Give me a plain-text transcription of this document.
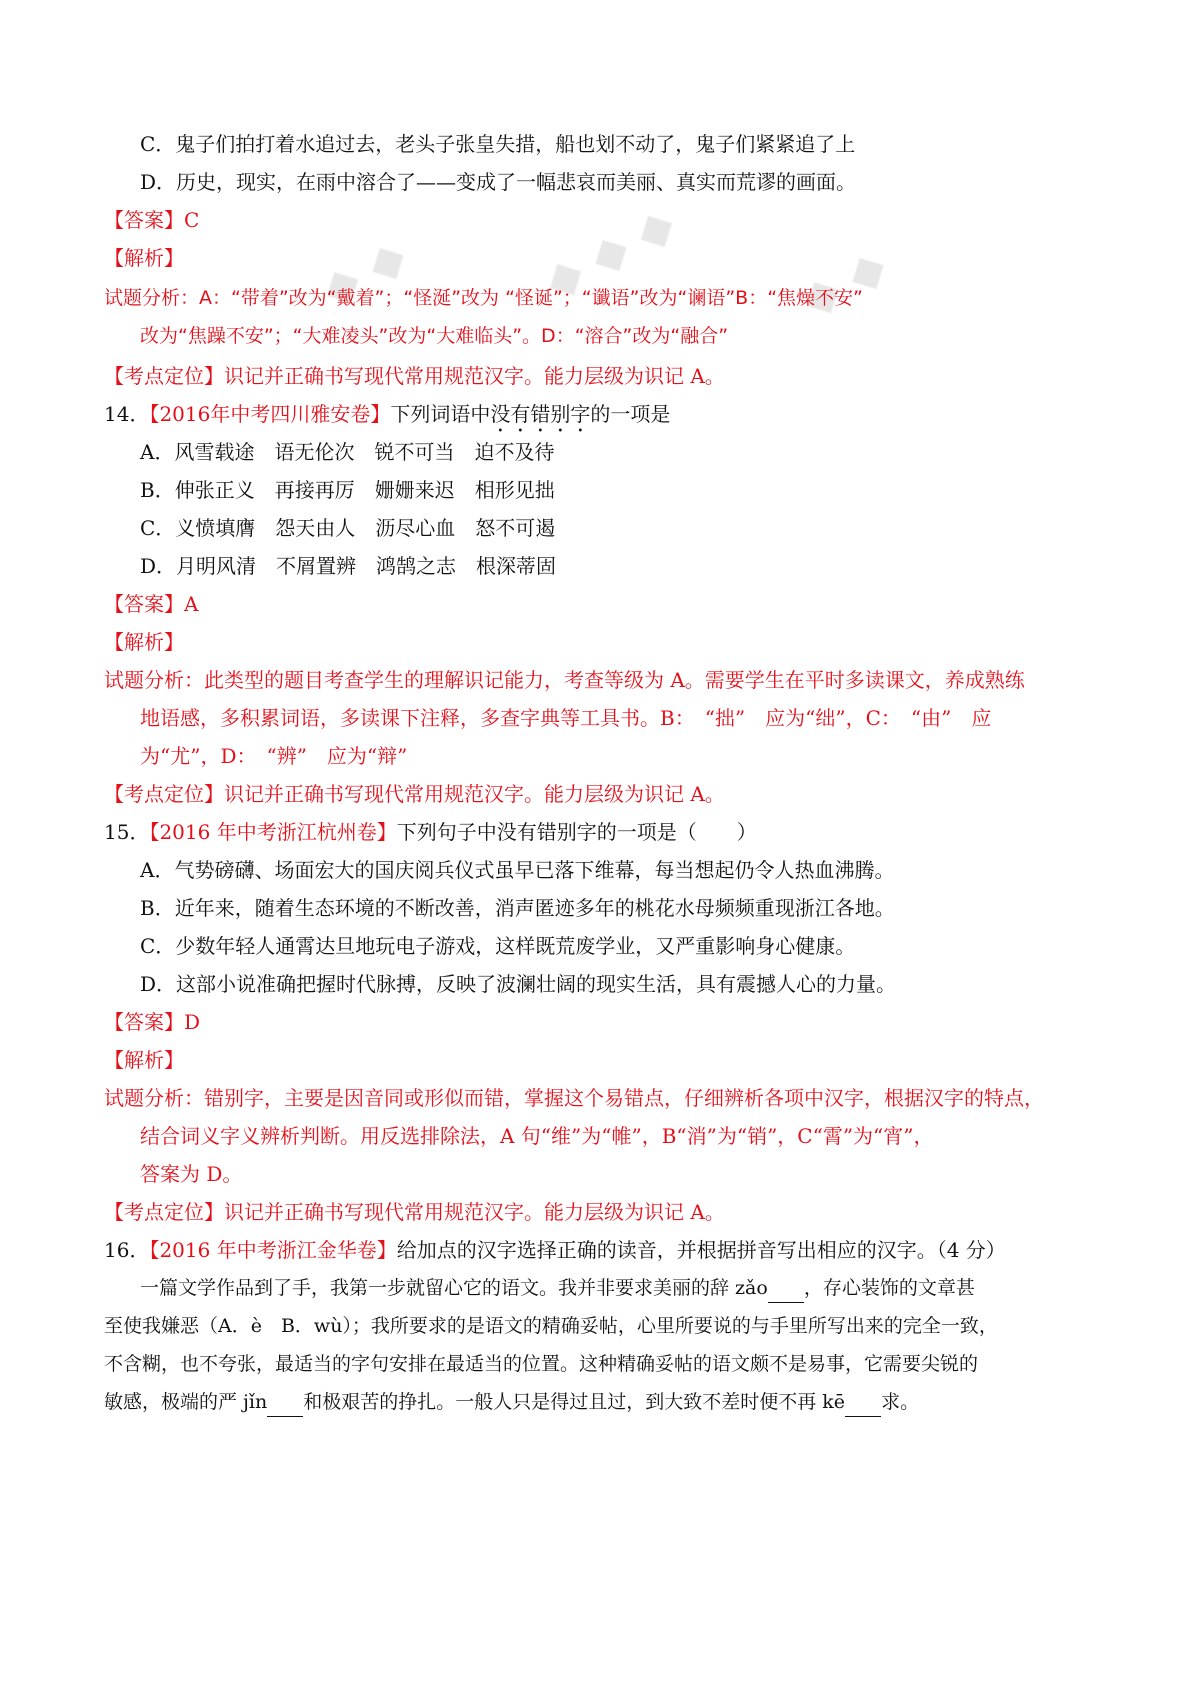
◆ ◆	◆ ◆ ◆ ◆ ◆
C．鬼子们拍打着水追过去，老头子张皇失措，船也划不动了，鬼子们紧紧追了上
D．历史，现实，在雨中溶合了——变成了一幅悲哀而美丽、真实而荒谬的画面。
【答案】C
【解析】
试题分析：A：“带着”改为“戴着”；“怪涎”改为 “怪诞”；“谶语”改为“谰语”B：“焦燥不安”
改为“焦躁不安”；“大难凌头”改为“大难临头”。D：“溶合”改为“融合”
【考点定位】识记并正确书写现代常用规范汉字。能力层级为识记 A。
14．【2016年中考四川雅安卷】下列词语中没有错别字的一项是
A．风雪载途　语无伦次　锐不可当　迫不及待
B．伸张正义　再接再厉　姗姗来迟　相形见拙
C．义愤填膺　怨天由人　沥尽心血　怒不可遏
D．月明风清　不屑置辨　鸿鹄之志　根深蒂固
【答案】A
【解析】
试题分析：此类型的题目考查学生的理解识记能力，考查等级为 A。需要学生在平时多读课文，养成熟练
地语感，多积累词语，多读课下注释，多查字典等工具书。B：　“拙”　应为“绌”，C：　“由”　应
为“尤”，D：　“辨”　应为“辩”
【考点定位】识记并正确书写现代常用规范汉字。能力层级为识记 A。
15．【2016 年中考浙江杭州卷】下列句子中没有错别字的一项是（　　）
A．气势磅礴、场面宏大的国庆阅兵仪式虽早已落下维幕，每当想起仍令人热血沸腾。
B．近年来，随着生态环境的不断改善，消声匿迹多年的桃花水母频频重现浙江各地。
C．少数年轻人通霄达旦地玩电子游戏，这样既荒废学业，又严重影响身心健康。
D．这部小说准确把握时代脉搏，反映了波澜壮阔的现实生活，具有震撼人心的力量。
【答案】D
【解析】
试题分析：错别字，主要是因音同或形似而错，掌握这个易错点，仔细辨析各项中汉字，根据汉字的特点，
结合词义字义辨析判断。用反选排除法，A 句“维”为“帷”，B“消”为“销”，C“霄”为“宵”，
答案为 D。
【考点定位】识记并正确书写现代常用规范汉字。能力层级为识记 A。
16．【2016 年中考浙江金华卷】给加点的汉字选择正确的读音，并根据拼音写出相应的汉字。（4 分）
一篇文学作品到了手，我第一步就留心它的语文。我并非要求美丽的辞 zǎo ，存心装饰的文章甚
至使我嫌恶（A．è　B．wù）；我所要求的是语文的精确妥帖，心里所要说的与手里所写出来的完全一致，
不含糊，也不夸张，最适当的字句安排在最适当的位置。这种精确妥帖的语文颇不是易事，它需要尖锐的
敏感，极端的严 jǐn 和极艰苦的挣扎。一般人只是得过且过，到大致不差时便不再 kē 求。
